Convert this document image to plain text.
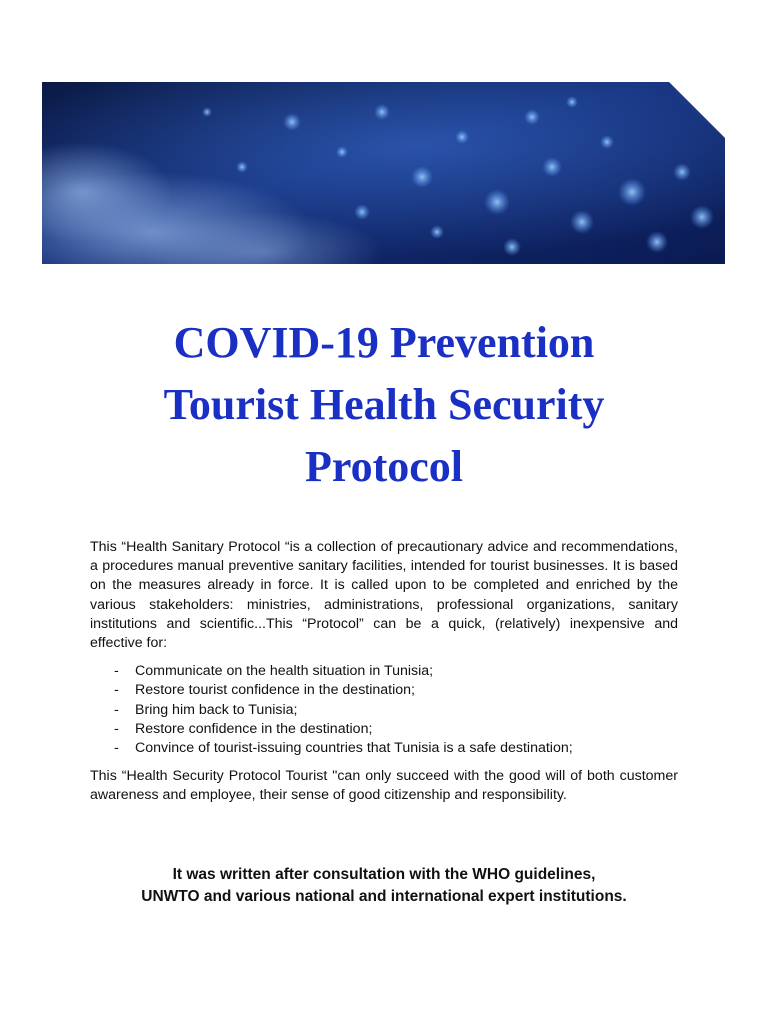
COVID-19 Prevention
Tourist Health Security
Protocol

This “Health Sanitary Protocol “is a collection of precautionary advice and recommendations, a procedures manual preventive sanitary facilities, intended for tourist businesses. It is based on the measures already in force. It is called upon to be completed and enriched by the various stakeholders: ministries, administrations, professional organizations, sanitary institutions and scientific...This “Protocol” can be a quick, (relatively) inexpensive and effective for:

- Communicate on the health situation in Tunisia;
- Restore tourist confidence in the destination;
- Bring him back to Tunisia;
- Restore confidence in the destination;
- Convince of tourist-issuing countries that Tunisia is a safe destination;

This “Health Security Protocol Tourist "can only succeed with the good will of both customer awareness and employee, their sense of good citizenship and responsibility.

It was written after consultation with the WHO guidelines,
UNWTO and various national and international expert institutions.
